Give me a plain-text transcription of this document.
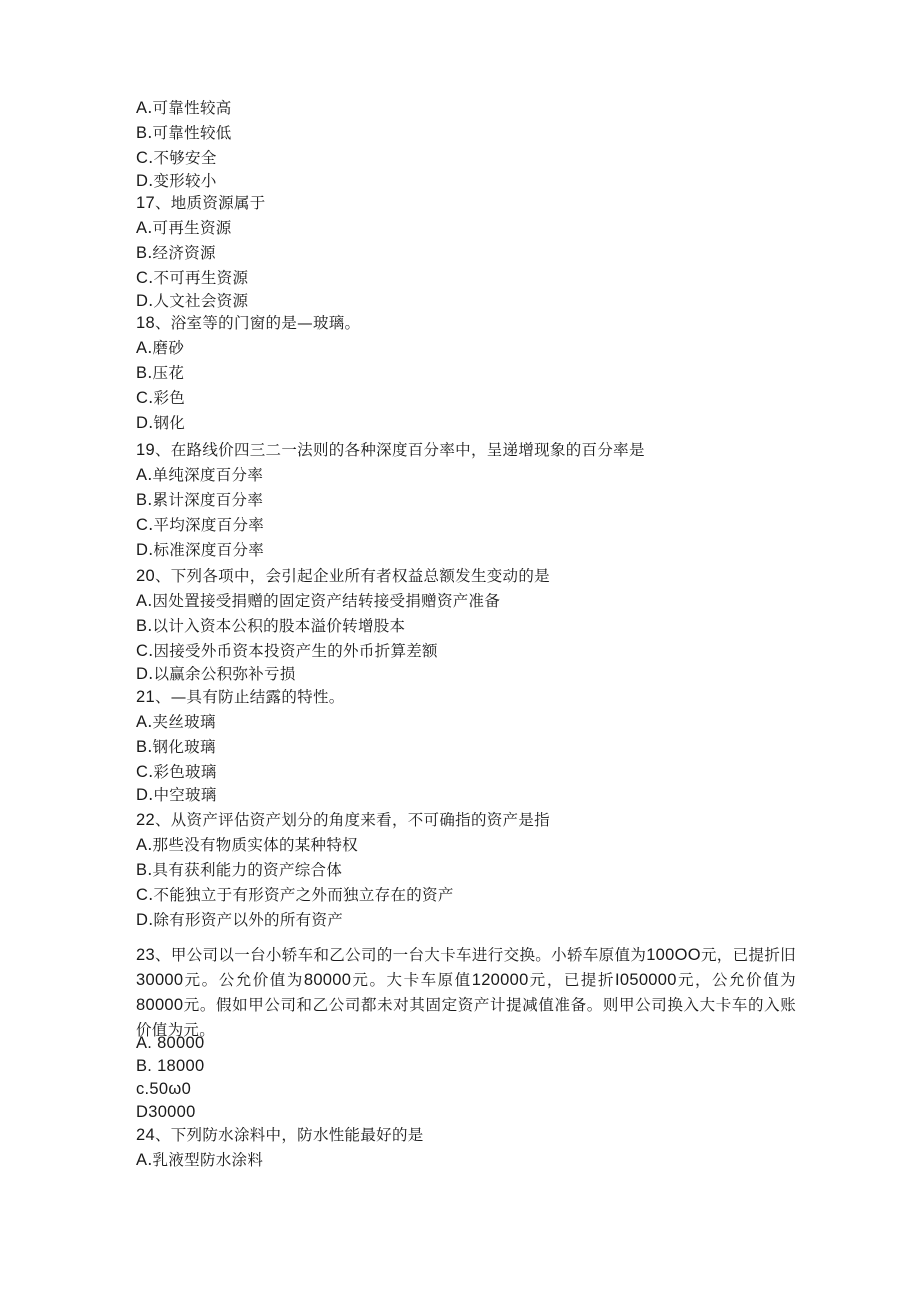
A.可靠性较高
B.可靠性较低
C.不够安全
D.变形较小
17、地质资源属于
A.可再生资源
B.经济资源
C.不可再生资源
D.人文社会资源
18、浴室等的门窗的是—玻璃。
A.磨砂
B.压花
C.彩色
D.钢化
19、在路线价四三二一法则的各种深度百分率中，呈递增现象的百分率是
A.单纯深度百分率
B.累计深度百分率
C.平均深度百分率
D.标准深度百分率
20、下列各项中，会引起企业所有者权益总额发生变动的是
A.因处置接受捐赠的固定资产结转接受捐赠资产准备
B.以计入资本公积的股本溢价转增股本
C.因接受外币资本投资产生的外币折算差额
D.以赢余公积弥补亏损
21、—具有防止结露的特性。
A.夹丝玻璃
B.钢化玻璃
C.彩色玻璃
D.中空玻璃
22、从资产评估资产划分的角度来看，不可确指的资产是指
A.那些没有物质实体的某种特权
B.具有获利能力的资产综合体
C.不能独立于有形资产之外而独立存在的资产
D.除有形资产以外的所有资产
23、甲公司以一台小轿车和乙公司的一台大卡车进行交换。小轿车原值为100OO元，已提折旧30000元。公允价值为80000元。大卡车原值120000元，已提折I050000元，公允价值为80000元。假如甲公司和乙公司都未对其固定资产计提减值准备。则甲公司换入大卡车的入账价值为元。
A. 80000
B. 18000
c.50ω0
D30000
24、下列防水涂料中，防水性能最好的是
A.乳液型防水涂料
